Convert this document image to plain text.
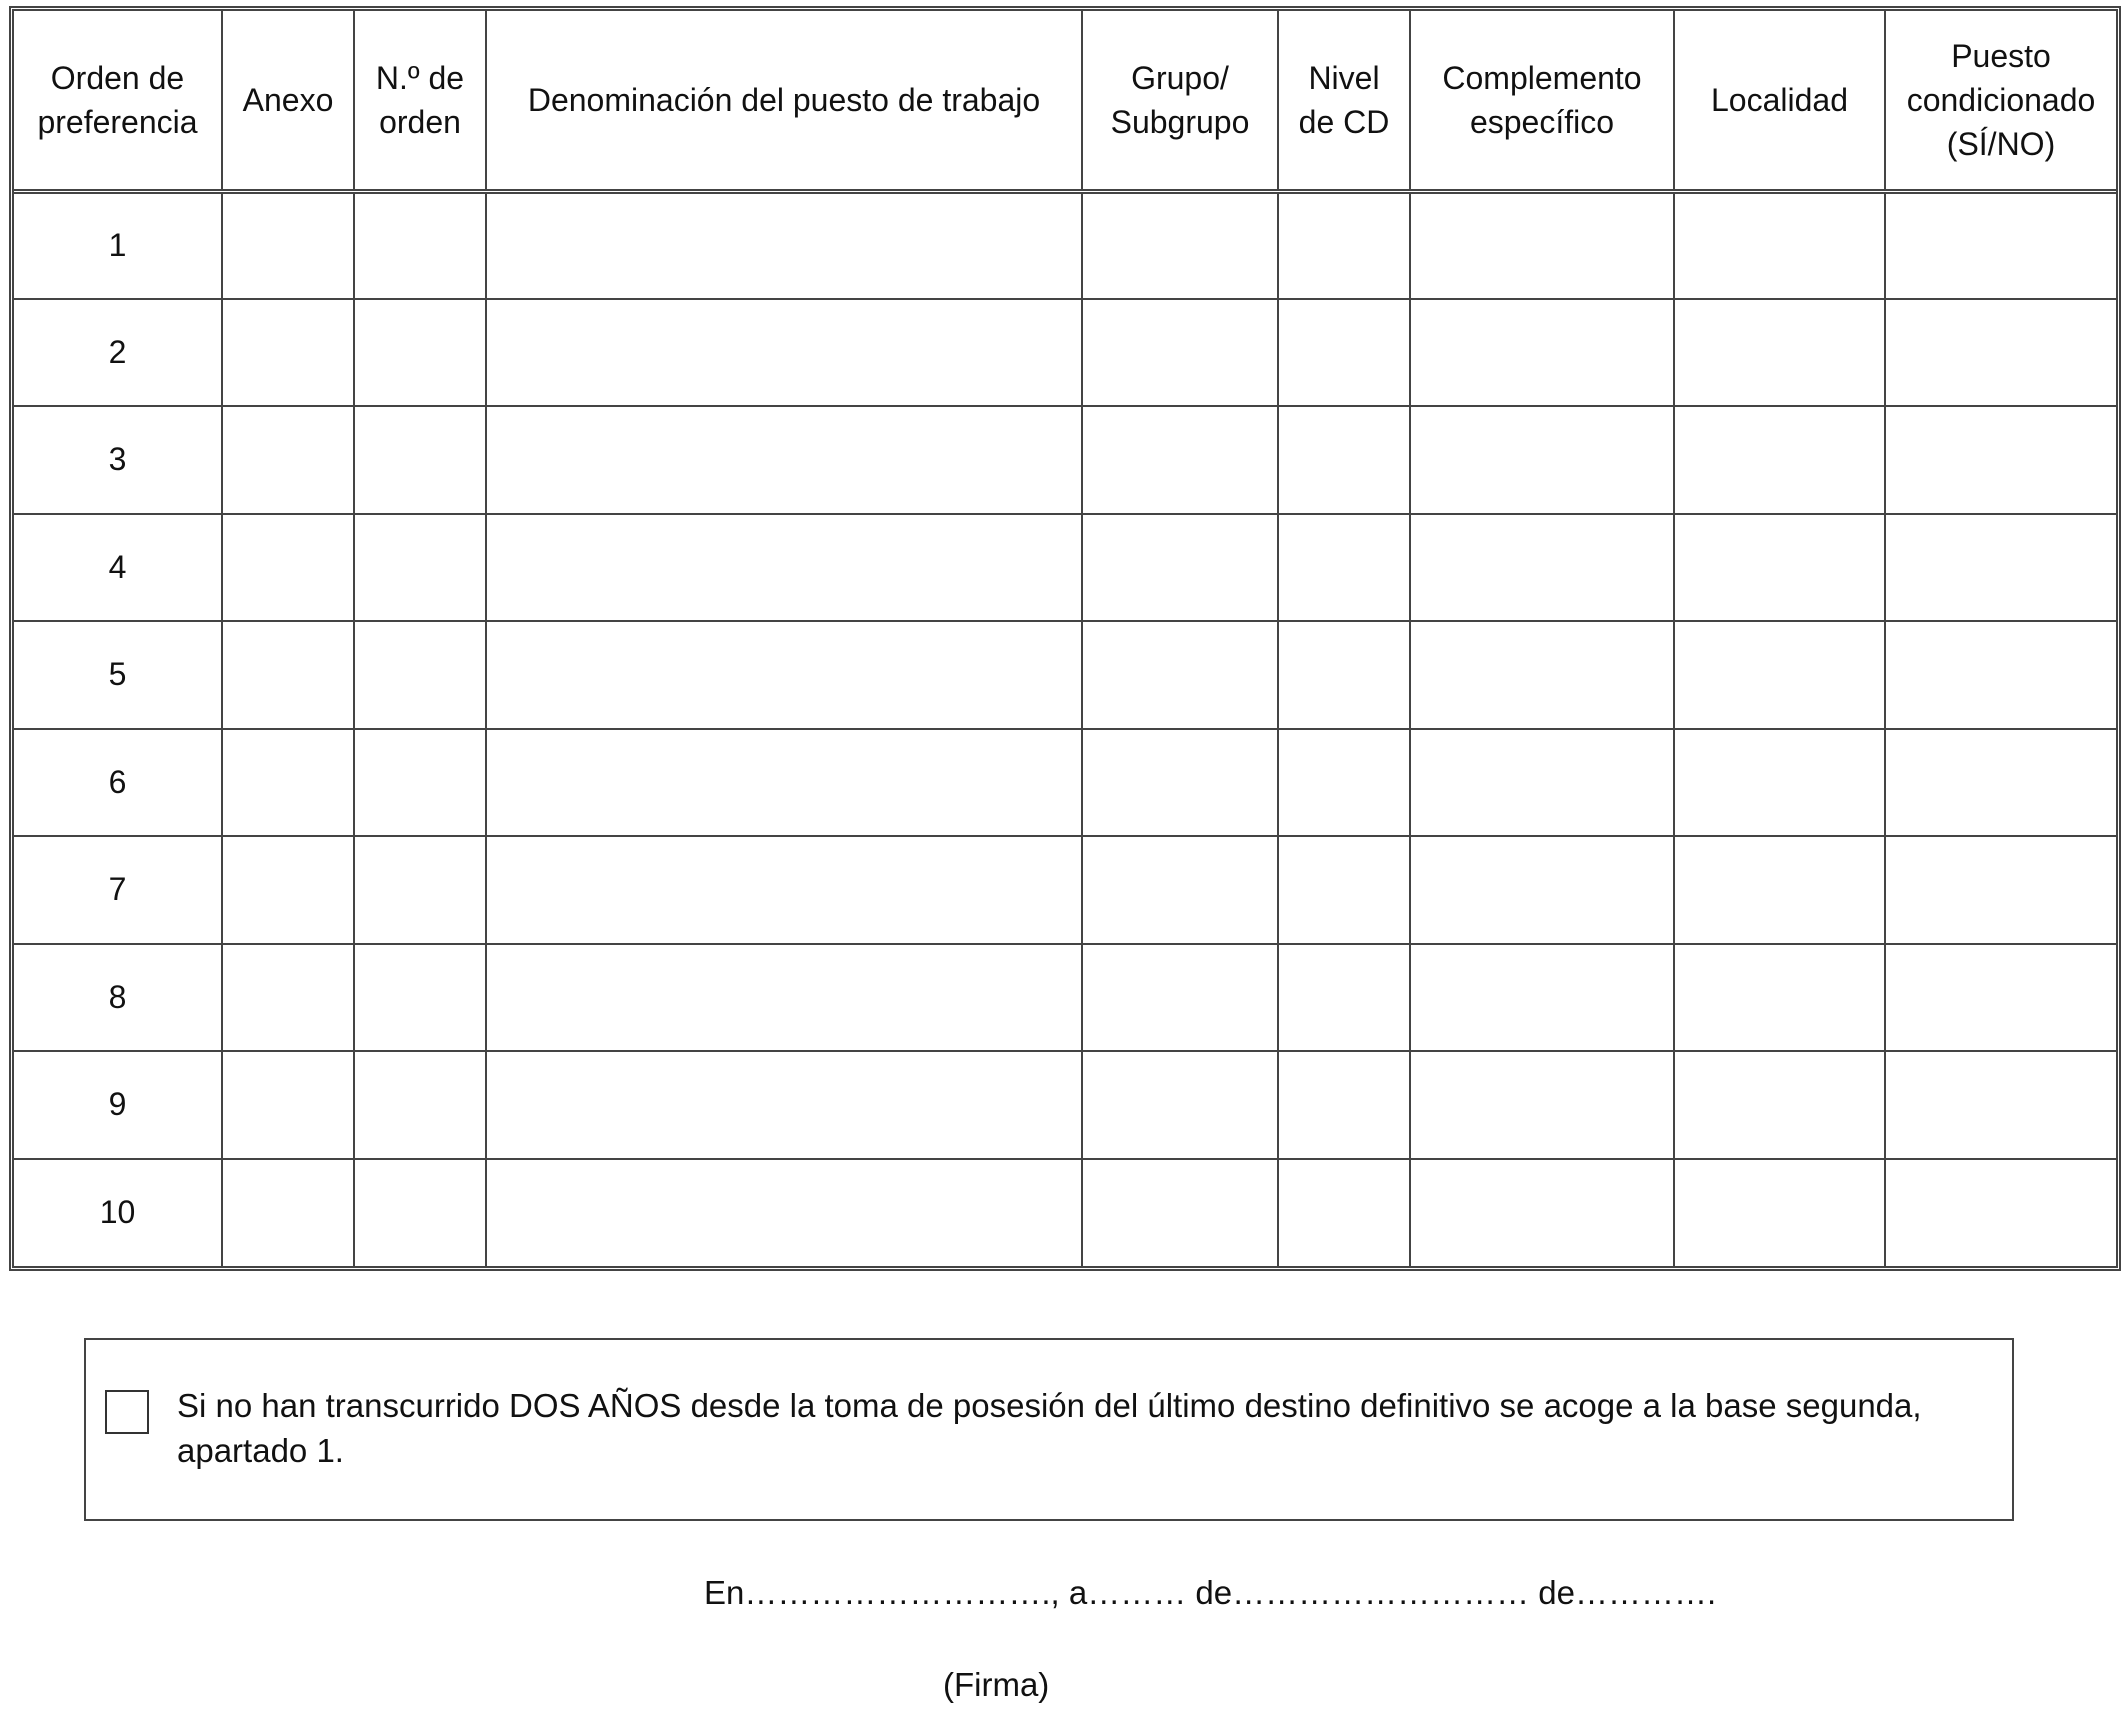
Orden de preferencia	Anexo	N.º de orden	Denominación del puesto de trabajo	Grupo/ Subgrupo	Nivel de CD	Complemento específico	Localidad	Puesto condicionado (SÍ/NO)
1								
2								
3								
4								
5								
6								
7								
8								
9								
10								
Si no han transcurrido DOS AÑOS desde la toma de posesión del último destino definitivo se acoge a la base segunda, apartado 1.
En………………………., a……… de……………………… de………….
(Firma)
